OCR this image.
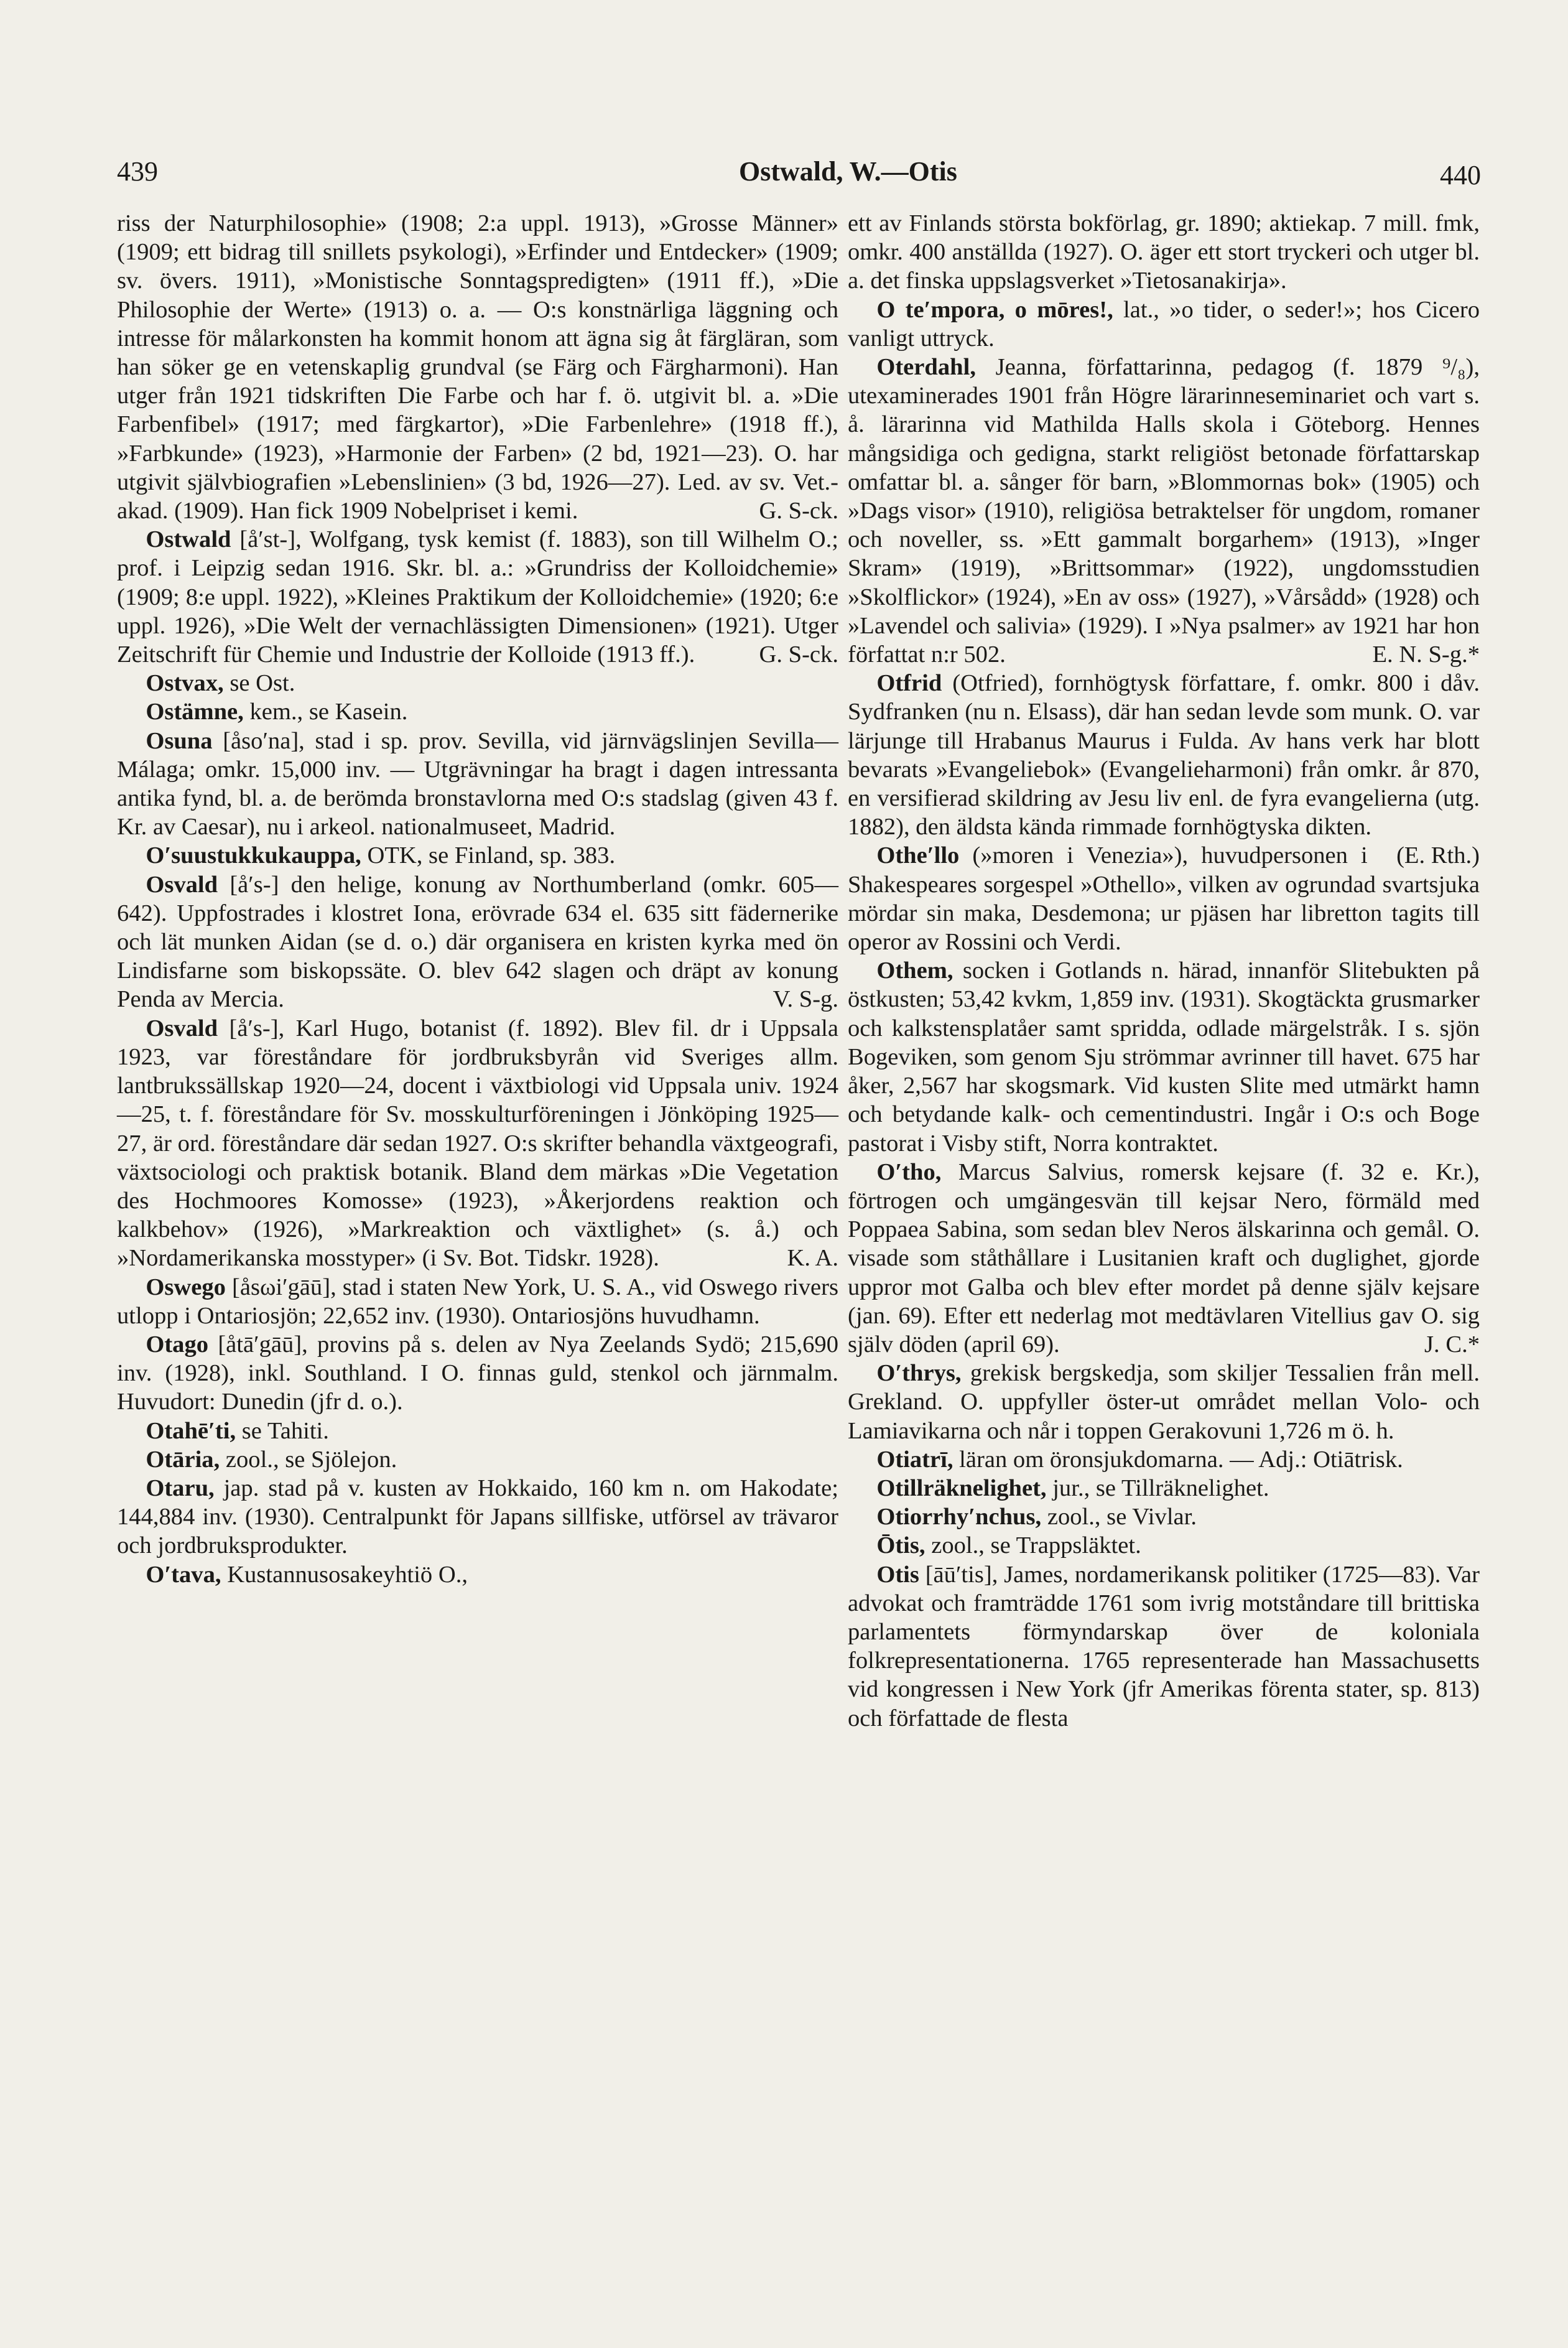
439	Ostwald, W.—Otis	440

riss der Naturphilosophie» (1908; 2:a uppl. 1913), »Grosse Männer» (1909; ett bidrag till snillets psykologi), »Erfinder und Entdecker» (1909; sv. övers. 1911), »Monistische Sonntagspredigten» (1911 ff.), »Die Philosophie der Werte» (1913) o. a. — O:s konstnärliga läggning och intresse för målarkonsten ha kommit honom att ägna sig åt färgläran, som han söker ge en vetenskaplig grundval (se Färg och Färgharmoni). Han utger från 1921 tidskriften Die Farbe och har f. ö. utgivit bl. a. »Die Farbenfibel» (1917; med färgkartor), »Die Farbenlehre» (1918 ff.), »Farbkunde» (1923), »Harmonie der Farben» (2 bd, 1921—23). O. har utgivit självbiografien »Lebenslinien» (3 bd, 1926—27). Led. av sv. Vet.-akad. (1909). Han fick 1909 Nobelpriset i kemi.	G. S-ck.

Ostwald [å′st-], Wolfgang, tysk kemist (f. 1883), son till Wilhelm O.; prof. i Leipzig sedan 1916. Skr. bl. a.: »Grundriss der Kolloidchemie» (1909; 8:e uppl. 1922), »Kleines Praktikum der Kolloidchemie» (1920; 6:e uppl. 1926), »Die Welt der vernachlässigten Dimensionen» (1921). Utger Zeitschrift für Chemie und Industrie der Kolloide (1913 ff.).	G. S-ck.

Ostvax, se Ost.

Ostämne, kem., se Kasein.

Osuna [åso′na], stad i sp. prov. Sevilla, vid järnvägslinjen Sevilla—Málaga; omkr. 15,000 inv. — Utgrävningar ha bragt i dagen intressanta antika fynd, bl. a. de berömda bronstavlorna med O:s stadslag (given 43 f. Kr. av Caesar), nu i arkeol. nationalmuseet, Madrid.

O′suustukkukauppa, OTK, se Finland, sp. 383.

Osvald [å′s-] den helige, konung av Northumberland (omkr. 605—642). Uppfostrades i klostret Iona, erövrade 634 el. 635 sitt fädernerike och lät munken Aidan (se d. o.) där organisera en kristen kyrka med ön Lindisfarne som biskopssäte. O. blev 642 slagen och dräpt av konung Penda av Mercia.	V. S-g.

Osvald [å′s-], Karl Hugo, botanist (f. 1892). Blev fil. dr i Uppsala 1923, var föreståndare för jordbruksbyrån vid Sveriges allm. lantbrukssällskap 1920—24, docent i växtbiologi vid Uppsala univ. 1924—25, t. f. föreståndare för Sv. mosskulturföreningen i Jönköping 1925—27, är ord. föreståndare där sedan 1927. O:s skrifter behandla växtgeografi, växtsociologi och praktisk botanik. Bland dem märkas »Die Vegetation des Hochmoores Komosse» (1923), »Åkerjordens reaktion och kalkbehov» (1926), »Markreaktion och växtlighet» (s. å.) och »Nordamerikanska mosstyper» (i Sv. Bot. Tidskr. 1928).	K. A.

Oswego [åsωi′gāū], stad i staten New York, U. S. A., vid Oswego rivers utlopp i Ontariosjön; 22,652 inv. (1930). Ontariosjöns huvudhamn.

Otago [åtā′gāū], provins på s. delen av Nya Zeelands Sydö; 215,690 inv. (1928), inkl. Southland. I O. finnas guld, stenkol och järnmalm. Huvudort: Dunedin (jfr d. o.).

Otahē′ti, se Tahiti.

Otāria, zool., se Sjölejon.

Otaru, jap. stad på v. kusten av Hokkaido, 160 km n. om Hakodate; 144,884 inv. (1930). Centralpunkt för Japans sillfiske, utförsel av trävaror och jordbruksprodukter.

O′tava, Kustannusosakeyhtiö O.,

ett av Finlands största bokförlag, gr. 1890; aktiekap. 7 mill. fmk, omkr. 400 anställda (1927). O. äger ett stort tryckeri och utger bl. a. det finska uppslagsverket »Tietosanakirja».

O te′mpora, o mōres!, lat., »o tider, o seder!»; hos Cicero vanligt uttryck.

Oterdahl, Jeanna, författarinna, pedagog (f. 1879 ⁹/₈), utexaminerades 1901 från Högre lärarinneseminariet och vart s. å. lärarinna vid Mathilda Halls skola i Göteborg. Hennes mångsidiga och gedigna, starkt religiöst betonade författarskap omfattar bl. a. sånger för barn, »Blommornas bok» (1905) och »Dags visor» (1910), religiösa betraktelser för ungdom, romaner och noveller, ss. »Ett gammalt borgarhem» (1913), »Inger Skram» (1919), »Brittsommar» (1922), ungdomsstudien »Skolflickor» (1924), »En av oss» (1927), »Vårsådd» (1928) och »Lavendel och salivia» (1929). I »Nya psalmer» av 1921 har hon författat n:r 502.	E. N. S-g.*

Otfrid (Otfried), fornhögtysk författare, f. omkr. 800 i dåv. Sydfranken (nu n. Elsass), där han sedan levde som munk. O. var lärjunge till Hrabanus Maurus i Fulda. Av hans verk har blott bevarats »Evangeliebok» (Evangelieharmoni) från omkr. år 870, en versifierad skildring av Jesu liv enl. de fyra evangelierna (utg. 1882), den äldsta kända rimmade fornhögtyska dikten.
(E. Rth.)

Othe′llo (»moren i Venezia»), huvudpersonen i Shakespeares sorgespel »Othello», vilken av ogrundad svartsjuka mördar sin maka, Desdemona; ur pjäsen har libretton tagits till operor av Rossini och Verdi.

Othem, socken i Gotlands n. härad, innanför Slitebukten på östkusten; 53,42 kvkm, 1,859 inv. (1931). Skogtäckta grusmarker och kalkstensplatåer samt spridda, odlade märgelstråk. I s. sjön Bogeviken, som genom Sju strömmar avrinner till havet. 675 har åker, 2,567 har skogsmark. Vid kusten Slite med utmärkt hamn och betydande kalk- och cementindustri. Ingår i O:s och Boge pastorat i Visby stift, Norra kontraktet.

O′tho, Marcus Salvius, romersk kejsare (f. 32 e. Kr.), förtrogen och umgängesvän till kejsar Nero, förmäld med Poppaea Sabina, som sedan blev Neros älskarinna och gemål. O. visade som ståthållare i Lusitanien kraft och duglighet, gjorde uppror mot Galba och blev efter mordet på denne själv kejsare (jan. 69). Efter ett nederlag mot medtävlaren Vitellius gav O. sig själv döden (april 69).	J. C.*

O′thrys, grekisk bergskedja, som skiljer Tessalien från mell. Grekland. O. uppfyller öster-ut området mellan Volo- och Lamiavikarna och når i toppen Gerakovuni 1,726 m ö. h.

Otiatrī, läran om öronsjukdomarna. — Adj.: Otiātrisk.

Otillräknelighet, jur., se Tillräknelighet.

Otiorrhy′nchus, zool., se Vivlar.

Ōtis, zool., se Trappsläktet.

Otis [āū′tis], James, nordamerikansk politiker (1725—83). Var advokat och framträdde 1761 som ivrig motståndare till brittiska parlamentets förmyndarskap över de koloniala folkrepresentationerna. 1765 representerade han Massachusetts vid kongressen i New York (jfr Amerikas förenta stater, sp. 813) och författade de flesta
